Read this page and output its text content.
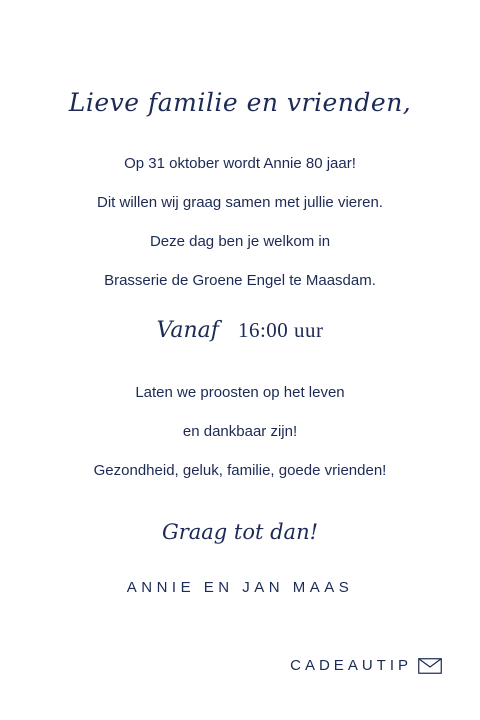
Lieve familie en vrienden,
Op 31 oktober wordt Annie 80 jaar!
Dit willen wij graag samen met jullie vieren.
Deze dag ben je welkom in
Brasserie de Groene Engel te Maasdam.
Vanaf 16:00 uur
Laten we proosten op het leven
en dankbaar zijn!
Gezondheid, geluk, familie, goede vrienden!
Graag tot dan!
ANNIE EN JAN MAAS
CADEAUTIP
